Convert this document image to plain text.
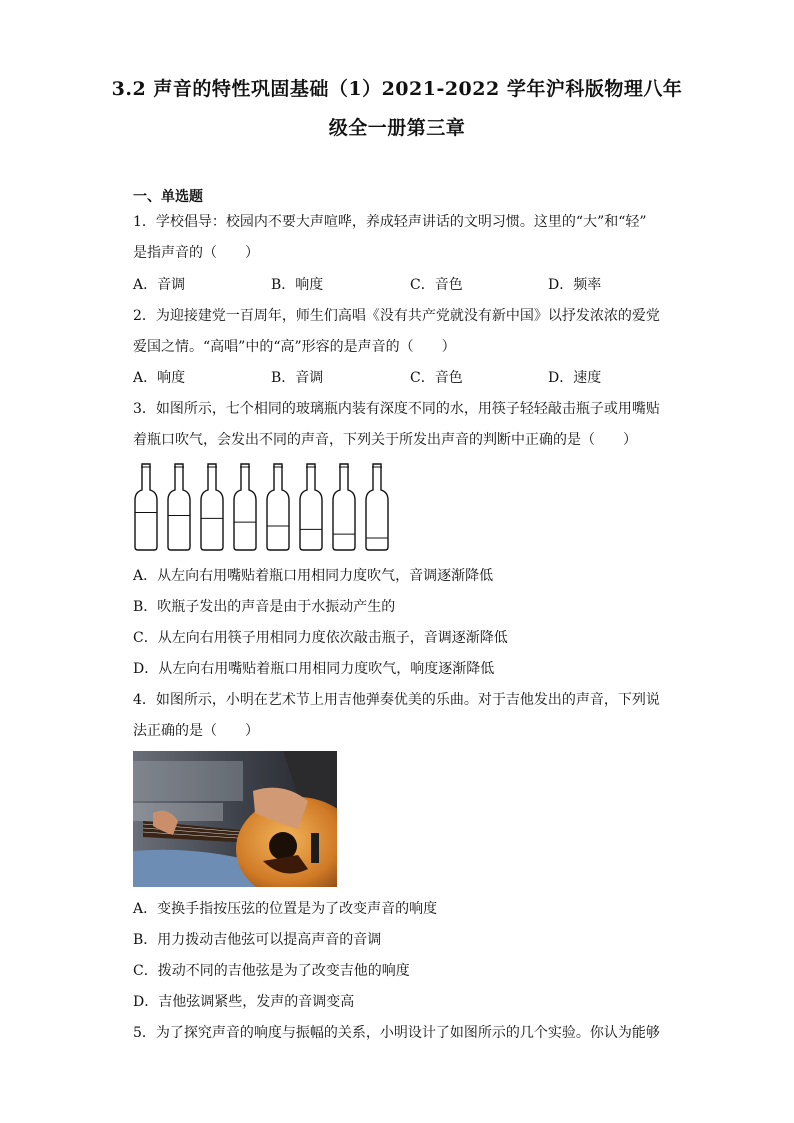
3.2 声音的特性巩固基础（1）2021-2022 学年沪科版物理八年
级全一册第三章
一、单选题
1．学校倡导：校园内不要大声喧哗，养成轻声讲话的文明习惯。这里的“大”和“轻”
是指声音的（　　）
A．音调	B．响度	C．音色	D．频率
2．为迎接建党一百周年，师生们高唱《没有共产党就没有新中国》以抒发浓浓的爱党
爱国之情。“高唱”中的“高”形容的是声音的（　　）
A．响度	B．音调	C．音色	D．速度
3．如图所示，七个相同的玻璃瓶内装有深度不同的水，用筷子轻轻敲击瓶子或用嘴贴
着瓶口吹气，会发出不同的声音，下列关于所发出声音的判断中正确的是（　　）
A．从左向右用嘴贴着瓶口用相同力度吹气，音调逐渐降低
B．吹瓶子发出的声音是由于水振动产生的
C．从左向右用筷子用相同力度依次敲击瓶子，音调逐渐降低
D．从左向右用嘴贴着瓶口用相同力度吹气，响度逐渐降低
4．如图所示，小明在艺术节上用吉他弹奏优美的乐曲。对于吉他发出的声音，下列说
法正确的是（　　）
A．变换手指按压弦的位置是为了改变声音的响度
B．用力拨动吉他弦可以提高声音的音调
C．拨动不同的吉他弦是为了改变吉他的响度
D．吉他弦调紧些，发声的音调变高
5．为了探究声音的响度与振幅的关系，小明设计了如图所示的几个实验。你认为能够
